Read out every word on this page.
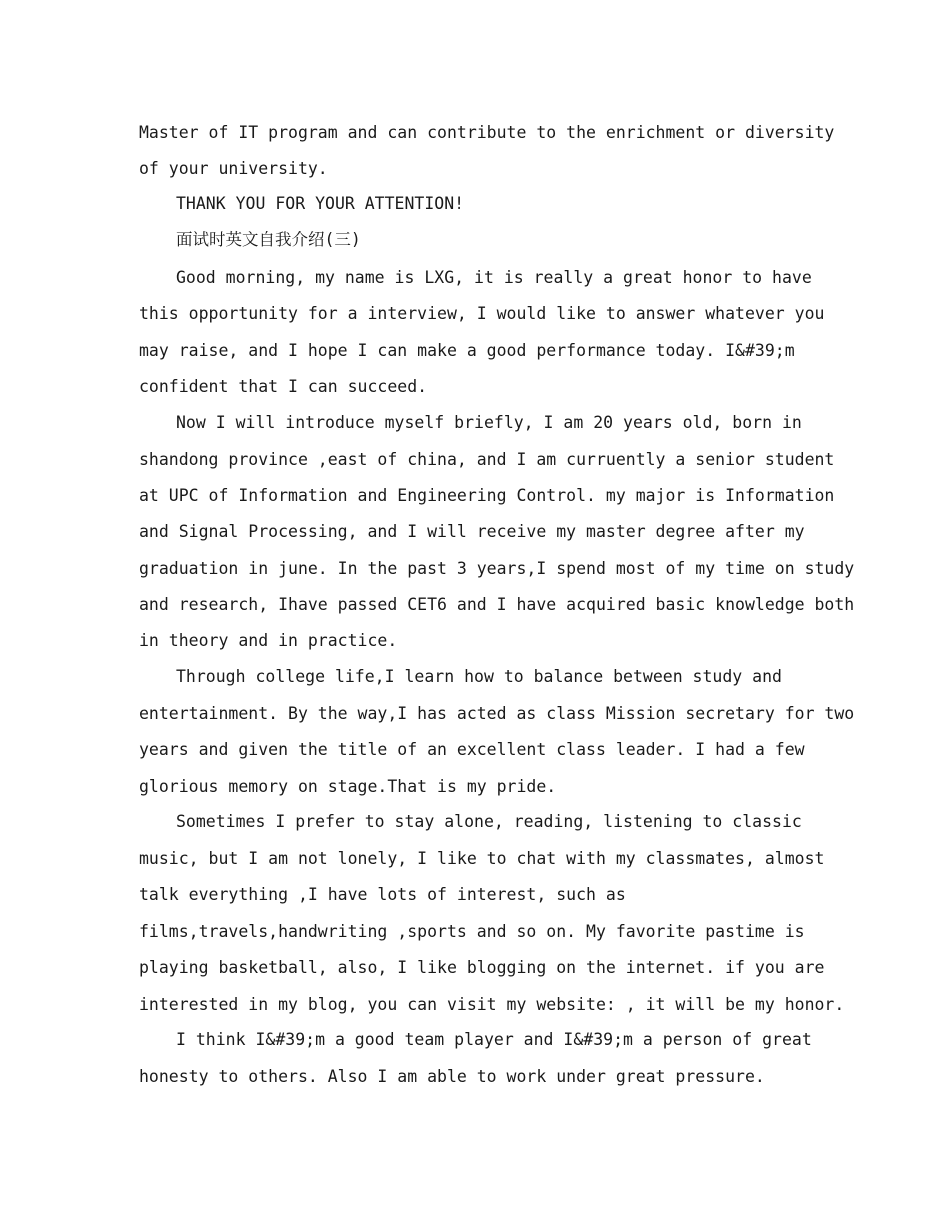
Master of IT program and can contribute to the enrichment or diversity
of your university.
THANK YOU FOR YOUR ATTENTION!
面试时英文自我介绍(三)
Good morning, my name is LXG, it is really a great honor to have
this opportunity for a interview, I would like to answer whatever you
may raise, and I hope I can make a good performance today. I&#39;m
confident that I can succeed.
Now I will introduce myself briefly, I am 20 years old, born in
shandong province ,east of china, and I am curruently a senior student
at UPC of Information and Engineering Control. my major is Information
and Signal Processing, and I will receive my master degree after my
graduation in june. In the past 3 years,I spend most of my time on study
and research, Ihave passed CET6 and I have acquired basic knowledge both
in theory and in practice.
Through college life,I learn how to balance between study and
entertainment. By the way,I has acted as class Mission secretary for two
years and given the title of an excellent class leader. I had a few
glorious memory on stage.That is my pride.
Sometimes I prefer to stay alone, reading, listening to classic
music, but I am not lonely, I like to chat with my classmates, almost
talk everything ,I have lots of interest, such as
films,travels,handwriting ,sports and so on. My favorite pastime is
playing basketball, also, I like blogging on the internet. if you are
interested in my blog, you can visit my website: , it will be my honor.
I think I&#39;m a good team player and I&#39;m a person of great
honesty to others. Also I am able to work under great pressure.
